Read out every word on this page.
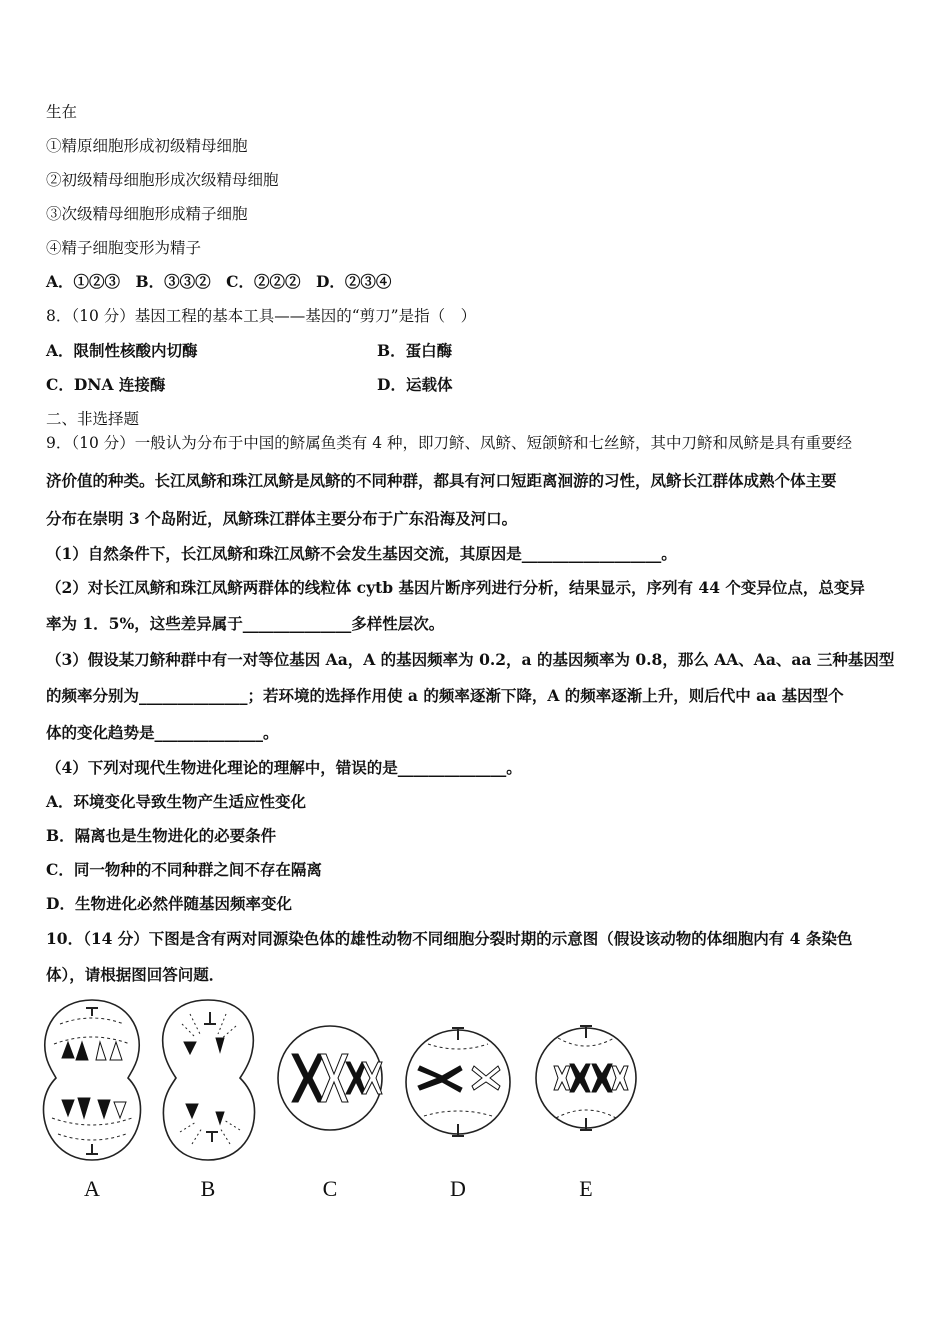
生在
①精原细胞形成初级精母细胞
②初级精母细胞形成次级精母细胞
③次级精母细胞形成精子细胞
④精子细胞变形为精子
A．①②③　B．③③②　C．②②②　D．②③④
8．（10 分）基因工程的基本工具——基因的“剪刀”是指（　）
A．限制性核酸内切酶	B．蛋白酶
C．DNA 连接酶	D．运载体
二、非选择题
9．（10 分）一般认为分布于中国的鲚属鱼类有 4 种，即刀鲚、凤鲚、短颌鲚和七丝鲚，其中刀鲚和凤鲚是具有重要经
济价值的种类。长江凤鲚和珠江凤鲚是凤鲚的不同种群，都具有河口短距离洄游的习性，凤鲚长江群体成熟个体主要
分布在崇明 3 个岛附近，凤鲚珠江群体主要分布于广东沿海及河口。
（1）自然条件下，长江凤鲚和珠江凤鲚不会发生基因交流，其原因是__________________。
（2）对长江凤鲚和珠江凤鲚两群体的线粒体 cytb 基因片断序列进行分析，结果显示，序列有 44 个变异位点，总变异
率为 1．5%，这些差异属于______________多样性层次。
（3）假设某刀鲚种群中有一对等位基因 Aa，A 的基因频率为 0.2，a 的基因频率为 0.8，那么 AA、Aa、aa 三种基因型
的频率分别为______________；若环境的选择作用使 a 的频率逐渐下降，A 的频率逐渐上升，则后代中 aa 基因型个
体的变化趋势是______________。
（4）下列对现代生物进化理论的理解中，错误的是______________。
A．环境变化导致生物产生适应性变化
B．隔离也是生物进化的必要条件
C．同一物种的不同种群之间不存在隔离
D．生物进化必然伴随基因频率变化
10．（14 分）下图是含有两对同源染色体的雄性动物不同细胞分裂时期的示意图（假设该动物的体细胞内有 4 条染色
体），请根据图回答问题．
A	B	C	D	E
